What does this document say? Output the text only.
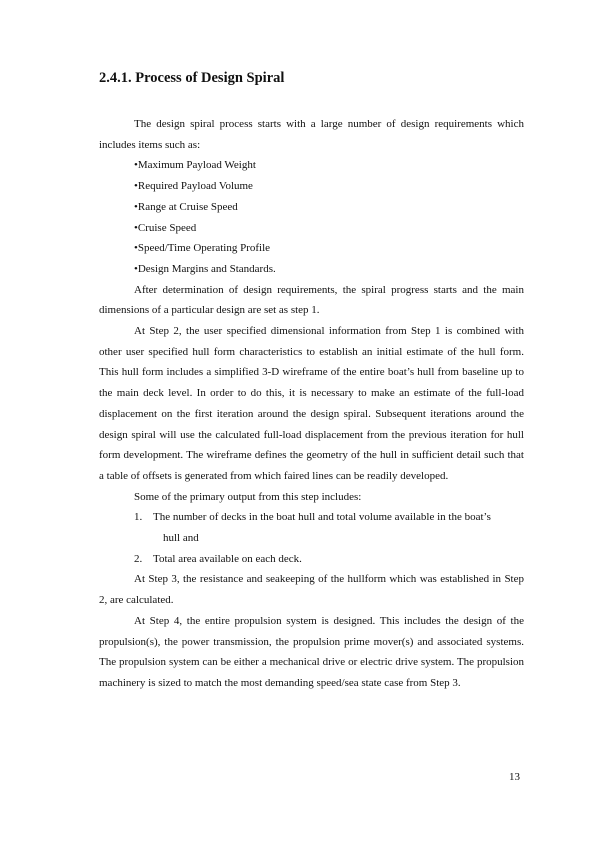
2.4.1. Process of Design Spiral

The design spiral process starts with a large number of design requirements which includes items such as:

•Maximum Payload Weight
•Required Payload Volume
•Range at Cruise Speed
•Cruise Speed
•Speed/Time Operating Profile
•Design Margins and Standards.

After determination of design requirements, the spiral progress starts and the main dimensions of a particular design are set as step 1.

At Step 2, the user specified dimensional information from Step 1 is combined with other user specified hull form characteristics to establish an initial estimate of the hull form. This hull form includes a simplified 3-D wireframe of the entire boat’s hull from baseline up to the main deck level. In order to do this, it is necessary to make an estimate of the full-load displacement on the first iteration around the design spiral. Subsequent iterations around the design spiral will use the calculated full-load displacement from the previous iteration for hull form development. The wireframe defines the geometry of the hull in sufficient detail such that a table of offsets is generated from which faired lines can be readily developed.

Some of the primary output from this step includes:

1. The number of decks in the boat hull and total volume available in the boat’s
hull and
2. Total area available on each deck.

At Step 3, the resistance and seakeeping of the hullform which was established in Step 2, are calculated.

At Step 4, the entire propulsion system is designed. This includes the design of the propulsion(s), the power transmission, the propulsion prime mover(s) and associated systems. The propulsion system can be either a mechanical drive or electric drive system. The propulsion machinery is sized to match the most demanding speed/sea state case from Step 3.

13
